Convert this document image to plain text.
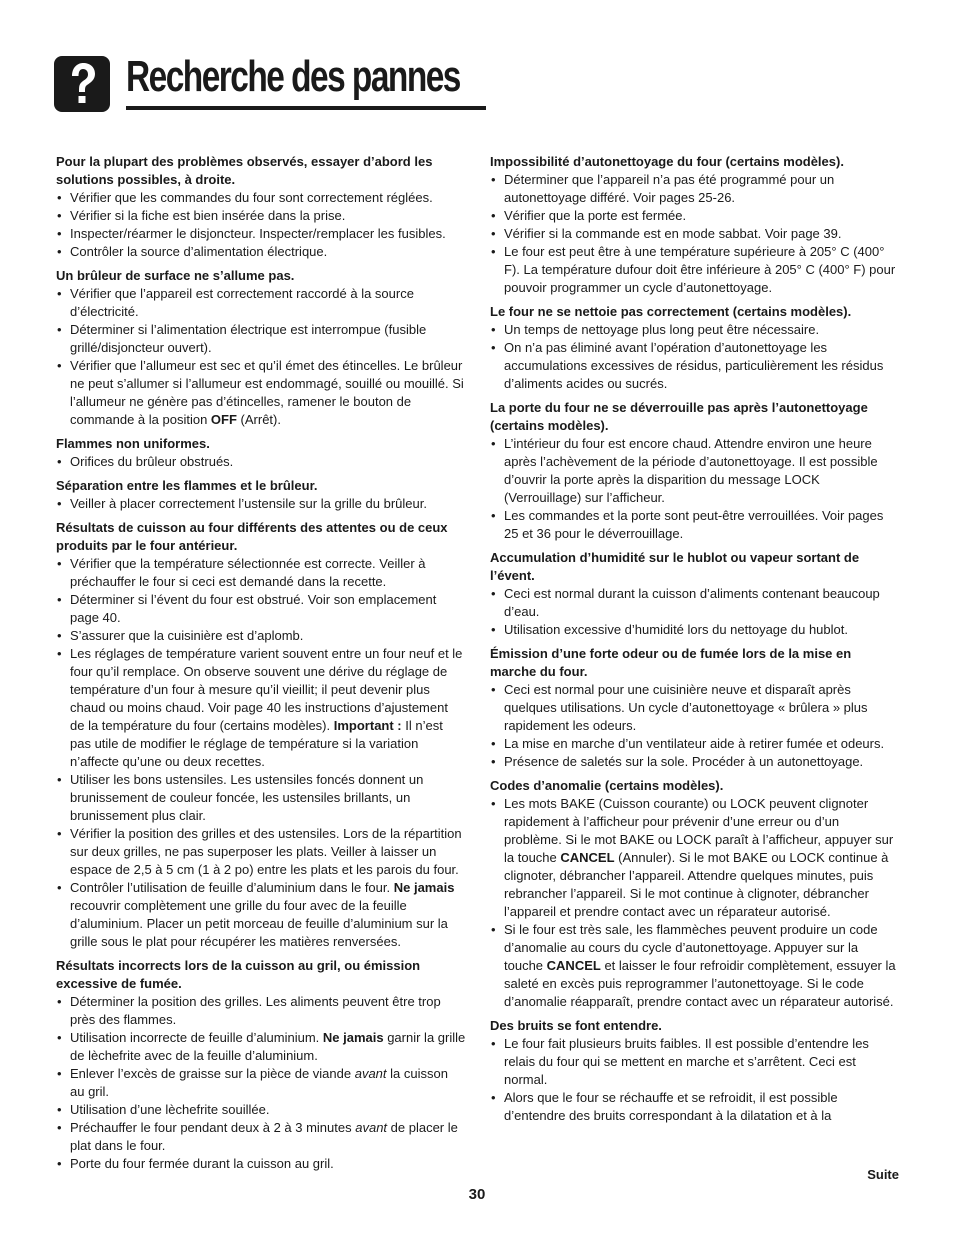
Recherche des pannes

Pour la plupart des problèmes observés, essayer d’abord les solutions possibles, à droite.

• Vérifier que les commandes du four sont correctement réglées.
• Vérifier si la fiche est bien insérée dans la prise.
• Inspecter/réarmer le disjoncteur. Inspecter/remplacer les fusibles.
• Contrôler la source d’alimentation électrique.

Un brûleur de surface ne s’allume pas.

• Vérifier que l’appareil est correctement raccordé à la source d’électricité.
• Déterminer si l’alimentation électrique est interrompue (fusible grillé/disjoncteur ouvert).
• Vérifier que l’allumeur est sec et qu’il émet des étincelles. Le brûleur ne peut s’allumer si l’allumeur est endommagé, souillé ou mouillé. Si l’allumeur ne génère pas d’étincelles, ramener le bouton de commande à la position OFF (Arrêt).

Flammes non uniformes.

• Orifices du brûleur obstrués.

Séparation entre les flammes et le brûleur.

• Veiller à placer correctement l’ustensile sur la grille du brûleur.

Résultats de cuisson au four différents des attentes ou de ceux produits par le four antérieur.

• Vérifier que la température sélectionnée est correcte. Veiller à préchauffer le four si ceci est demandé dans la recette.
• Déterminer si l’évent du four est obstrué. Voir son emplacement page 40.
• S’assurer que la cuisinière est d’aplomb.
• Les réglages de température varient souvent entre un four neuf et le four qu’il remplace. On observe souvent une dérive du réglage de température d’un four à mesure qu’il vieillit; il peut devenir plus chaud ou moins chaud. Voir page 40 les instructions d’ajustement de la température du four (certains modèles). Important : Il n’est pas utile de modifier le réglage de température si la variation n’affecte qu’une ou deux recettes.
• Utiliser les bons ustensiles. Les ustensiles foncés donnent un brunissement de couleur foncée, les ustensiles brillants, un brunissement plus clair.
• Vérifier la position des grilles et des ustensiles. Lors de la répartition sur deux grilles, ne pas superposer les plats. Veiller à laisser un espace de 2,5 à 5 cm (1 à 2 po) entre les plats et les parois du four.
• Contrôler l’utilisation de feuille d’aluminium dans le four. Ne jamais recouvrir complètement une grille du four avec de la feuille d’aluminium. Placer un petit morceau de feuille d’aluminium sur la grille sous le plat pour récupérer les matières renversées.

Résultats incorrects lors de la cuisson au gril, ou émission excessive de fumée.

• Déterminer la position des grilles. Les aliments peuvent être trop près des flammes.
• Utilisation incorrecte de feuille d’aluminium. Ne jamais garnir la grille de lèchefrite avec de la feuille d’aluminium.
• Enlever l’excès de graisse sur la pièce de viande avant la cuisson au gril.
• Utilisation d’une lèchefrite souillée.
• Préchauffer le four pendant deux à 2 à 3 minutes avant de placer le plat dans le four.
• Porte du four fermée durant la cuisson au gril.

Impossibilité d’autonettoyage du four (certains modèles).

• Déterminer que l’appareil n’a pas été programmé pour un autonettoyage différé. Voir pages 25-26.
• Vérifier que la porte est fermée.
• Vérifier si la commande est en mode sabbat. Voir page 39.
• Le four est peut être à une température supérieure à 205° C (400° F). La température dufour doit être inférieure à 205° C (400° F) pour pouvoir programmer un cycle d’autonettoyage.

Le four ne se nettoie pas correctement (certains modèles).

• Un temps de nettoyage plus long peut être nécessaire.
• On n’a pas éliminé avant l’opération d’autonettoyage les accumulations excessives de résidus, particulièrement les résidus d’aliments acides ou sucrés.

La porte du four ne se déverrouille pas après l’autonettoyage (certains modèles).

• L’intérieur du four est encore chaud. Attendre environ une heure après l’achèvement de la période d’autonettoyage. Il est possible d’ouvrir la porte après la disparition du message LOCK (Verrouillage) sur l’afficheur.
• Les commandes et la porte sont peut-être verrouillées. Voir pages 25 et 36 pour le déverrouillage.

Accumulation d’humidité sur le hublot ou vapeur sortant de l’évent.

• Ceci est normal durant la cuisson d’aliments contenant beaucoup d’eau.
• Utilisation excessive d’humidité lors du nettoyage du hublot.

Émission d’une forte odeur ou de fumée lors de la mise en marche du four.

• Ceci est normal pour une cuisinière neuve et disparaît après quelques utilisations. Un cycle d’autonettoyage « brûlera » plus rapidement les odeurs.
• La mise en marche d’un ventilateur aide à retirer fumée et odeurs.
• Présence de saletés sur la sole. Procéder à un autonettoyage.

Codes d’anomalie (certains modèles).

• Les mots BAKE (Cuisson courante) ou LOCK peuvent clignoter rapidement à l’afficheur pour prévenir d’une erreur ou d’un problème. Si le mot BAKE ou LOCK paraît à l’afficheur, appuyer sur la touche CANCEL (Annuler). Si le mot BAKE ou LOCK continue à clignoter, débrancher l’appareil. Attendre quelques minutes, puis rebrancher l’appareil. Si le mot continue à clignoter, débrancher l’appareil et prendre contact avec un réparateur autorisé.
• Si le four est très sale, les flammèches peuvent produire un code d’anomalie au cours du cycle d’autonettoyage. Appuyer sur la touche CANCEL et laisser le four refroidir complètement, essuyer la saleté en excès puis reprogrammer l’autonettoyage. Si le code d’anomalie réapparaît, prendre contact avec un réparateur autorisé.

Des bruits se font entendre.

• Le four fait plusieurs bruits faibles. Il est possible d’entendre les relais du four qui se mettent en marche et s’arrêtent. Ceci est normal.
• Alors que le four se réchauffe et se refroidit, il est possible d’entendre des bruits correspondant à la dilatation et à la
Suite
30
